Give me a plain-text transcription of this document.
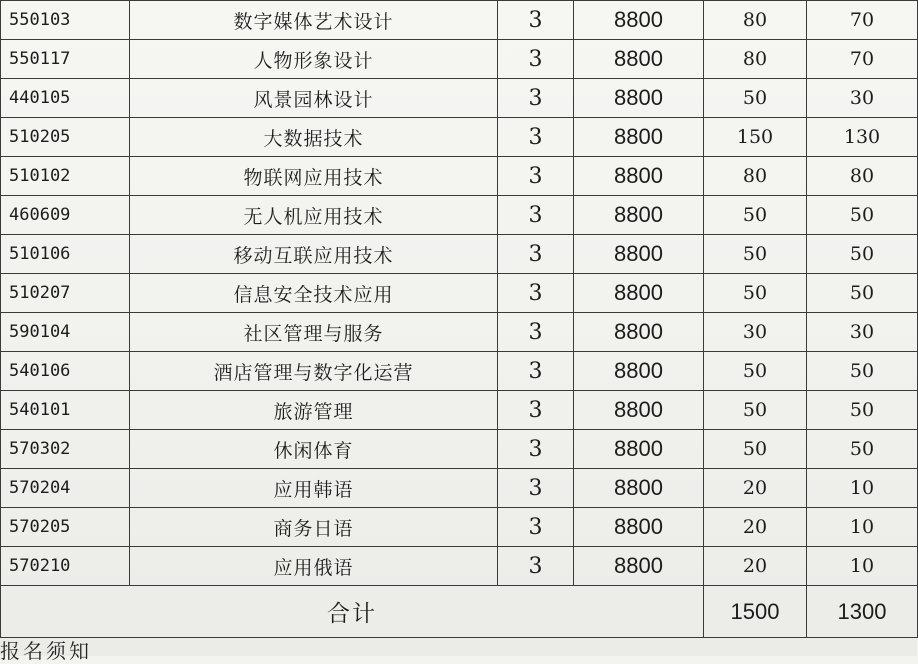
550103	数字媒体艺术设计	3	8800	80	70
550117	人物形象设计	3	8800	80	70
440105	风景园林设计	3	8800	50	30
510205	大数据技术	3	8800	150	130
510102	物联网应用技术	3	8800	80	80
460609	无人机应用技术	3	8800	50	50
510106	移动互联应用技术	3	8800	50	50
510207	信息安全技术应用	3	8800	50	50
590104	社区管理与服务	3	8800	30	30
540106	酒店管理与数字化运营	3	8800	50	50
540101	旅游管理	3	8800	50	50
570302	休闲体育	3	8800	50	50
570204	应用韩语	3	8800	20	10
570205	商务日语	3	8800	20	10
570210	应用俄语	3	8800	20	10
合计				1500	1300
报名须知
